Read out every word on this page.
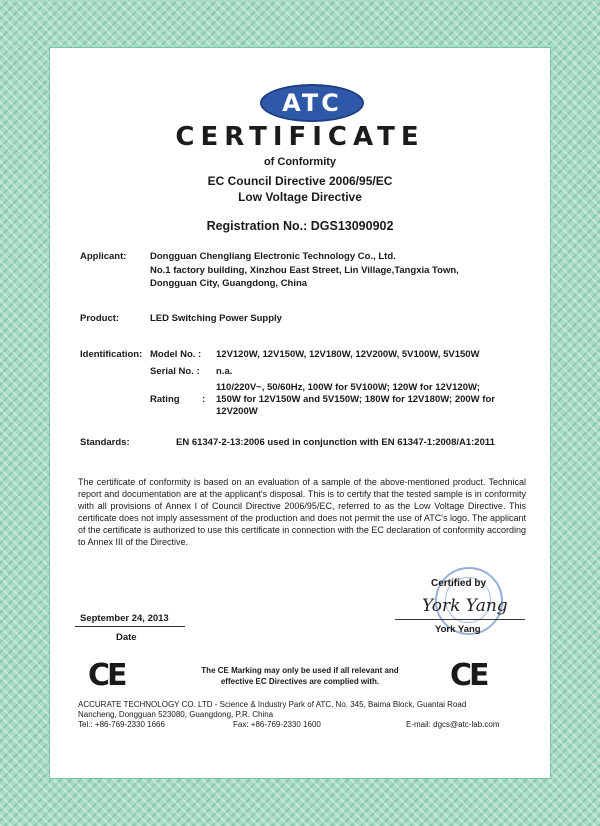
ATC
CERTIFICATE
of Conformity
EC Council Directive 2006/95/EC
Low Voltage Directive
Registration No.: DGS13090902
Applicant: Dongguan Chengliang Electronic Technology Co., Ltd.
No.1 factory building, Xinzhou East Street, Lin Village,Tangxia Town,
Dongguan City, Guangdong, China
Product:	LED Switching Power Supply
Identification: Model No. : 12V120W, 12V150W, 12V180W, 12V200W, 5V100W, 5V150W
Serial No. : n.a.
Rating :
110/220V~, 50/60Hz, 100W for 5V100W; 120W for 12V120W;
150W for 12V150W and 5V150W; 180W for 12V180W; 200W for
12V200W
Standards:	EN 61347-2-13:2006 used in conjunction with EN 61347-1:2008/A1:2011
The certificate of conformity is based on an evaluation of a sample of the above-mentioned product. Technical report and documentation are at the applicant's disposal. This is to certify that the tested sample is in conformity with all provisions of Annex I of Council Directive 2006/95/EC, referred to as the Low Voltage Directive. This certificate does not imply assessment of the production and does not permit the use of ATC's logo. The applicant of the certificate is authorized to use this certificate in connection with the EC declaration of conformity according to Annex III of the Directive.
Certified by
York Yang
York Yang
September 24, 2013
Date
CE	CE
The CE Marking may only be used if all relevant and
effective EC Directives are complied with.
ACCURATE TECHNOLOGY CO. LTD - Science & Industry Park of ATC, No. 345, Baima Block, Guantai Road
Nancheng, Dongguan 523080, Guangdong, P.R. China
Tel.: +86-769-2330 1666	Fax: +86-769-2330 1600	E-mail: dgcs@atc-lab.com
